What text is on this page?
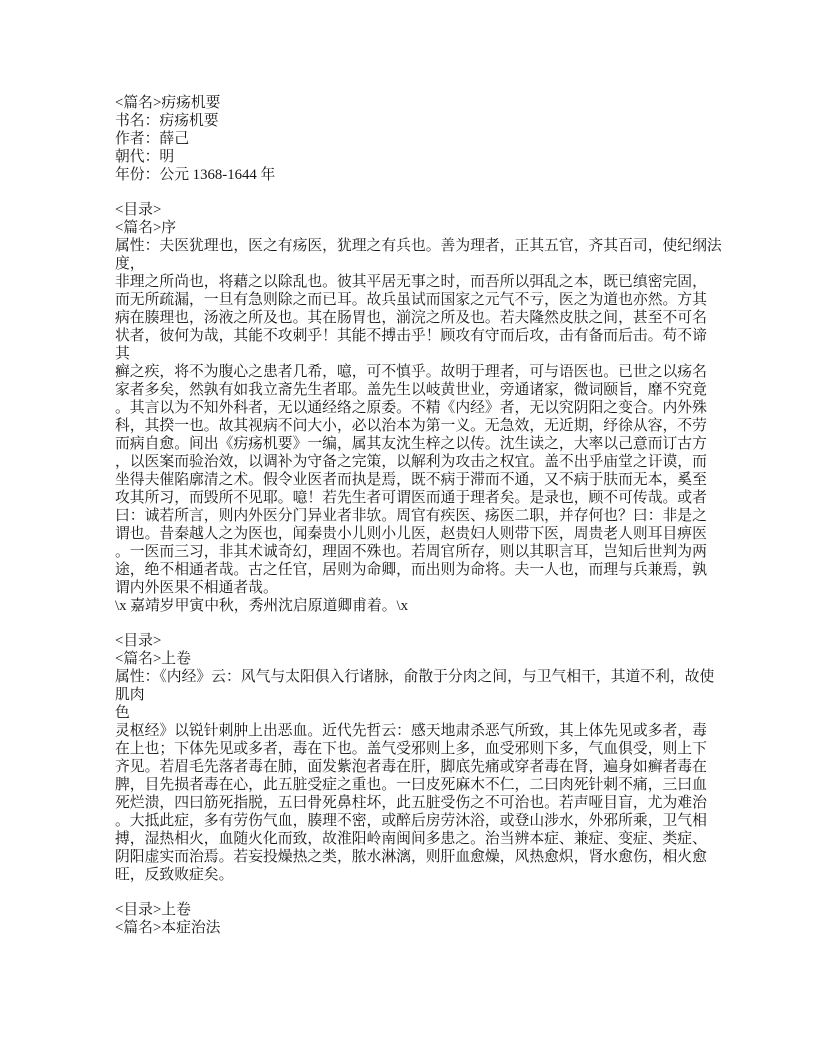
<篇名>疠疡机要
书名：疠疡机要
作者：薛己
朝代：明
年份：公元 1368-1644 年
<目录>
<篇名>序
属性：夫医犹理也，医之有疡医，犹理之有兵也。善为理者，正其五官，齐其百司，使纪纲法
度，
非理之所尚也，将藉之以除乱也。彼其平居无事之时，而吾所以弭乱之本，既已缜密完固，
而无所疏漏，一旦有急则除之而已耳。故兵虽试而国家之元气不亏，医之为道也亦然。方其
病在腠理也，汤液之所及也。其在肠胃也，湔浣之所及也。若夫隆然皮肤之间，甚至不可名
状者，彼何为哉，其能不攻刺乎！其能不搏击乎！顾攻有守而后攻，击有备而后击。苟不谛
其
癣之疾，将不为腹心之患者几希，噫，可不慎乎。故明于理者，可与语医也。已世之以疡名
家者多矣，然孰有如我立斋先生者耶。盖先生以岐黄世业，旁通诸家，微词颐旨，靡不究竟
。其言以为不知外科者，无以通经络之原委。不精《内经》者，无以究阴阳之变合。内外殊
科，其揆一也。故其视病不问大小，必以治本为第一义。无急效，无近期，纾徐从容，不劳
而病自愈。间出《疠疡机要》一编，属其友沈生梓之以传。沈生读之，大率以己意而订古方
，以医案而验治效，以调补为守备之完策，以解利为攻击之权宜。盖不出乎庙堂之讦谟，而
坐得夫催陷廓清之术。假令业医者而执是焉，既不病于滞而不通，又不病于肤而无本，奚至
攻其所习，而毁所不见耶。噫！若先生者可谓医而通于理者矣。是录也，顾不可传哉。或者
曰：诚若所言，则内外医分门异业者非欤。周官有疾医、疡医二职，并存何也？曰：非是之
谓也。昔秦越人之为医也，闻秦贵小儿则小儿医，赵贵妇人则带下医，周贵老人则耳目痹医
。一医而三习，非其术诚奇幻，理固不殊也。若周官所存，则以其职言耳，岂知后世判为两
途，绝不相通者哉。古之任官，居则为命卿，而出则为命将。夫一人也，而理与兵兼焉，孰
谓内外医果不相通者哉。
\x 嘉靖岁甲寅中秋，秀州沈启原道卿甫着。\x
<目录>
<篇名>上卷
属性：《内经》云：风气与太阳俱入行诸脉，俞散于分肉之间，与卫气相干，其道不利，故使
肌肉
色
灵枢经》以锐针刺肿上出恶血。近代先哲云：感天地肃杀恶气所致，其上体先见或多者，毒
在上也；下体先见或多者，毒在下也。盖气受邪则上多，血受邪则下多，气血俱受，则上下
齐见。若眉毛先落者毒在肺，面发紫泡者毒在肝，脚底先痛或穿者毒在肾，遍身如癣者毒在
脾，目先损者毒在心，此五脏受症之重也。一曰皮死麻木不仁，二曰肉死针刺不痛，三曰血
死烂溃，四曰筋死指脱，五曰骨死鼻柱坏，此五脏受伤之不可治也。若声哑目盲，尤为难治
。大抵此症，多有劳伤气血，腠理不密，或醉后房劳沐浴，或登山涉水，外邪所乘，卫气相
搏，湿热相火，血随火化而致，故淮阳岭南闽间多患之。治当辨本症、兼症、变症、类症、
阴阳虚实而治焉。若妄投燥热之类，脓水淋漓，则肝血愈燥，风热愈炽，肾水愈伤，相火愈
旺，反致败症矣。
<目录>上卷
<篇名>本症治法
